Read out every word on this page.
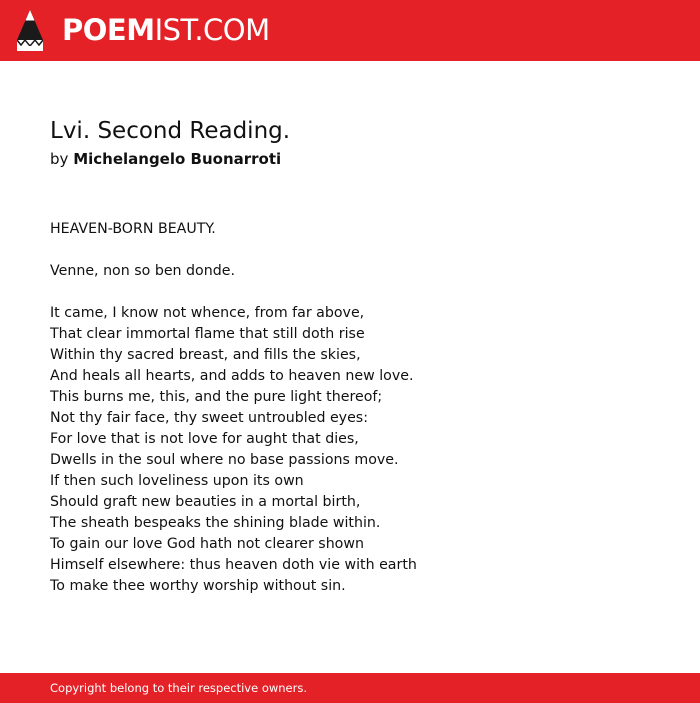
POEMIST.COM
Lvi. Second Reading.
by Michelangelo Buonarroti

HEAVEN-BORN BEAUTY.

Venne, non so ben donde.

It came, I know not whence, from far above,
That clear immortal flame that still doth rise
Within thy sacred breast, and fills the skies,
And heals all hearts, and adds to heaven new love.
This burns me, this, and the pure light thereof;
Not thy fair face, thy sweet untroubled eyes:
For love that is not love for aught that dies,
Dwells in the soul where no base passions move.
If then such loveliness upon its own
Should graft new beauties in a mortal birth,
The sheath bespeaks the shining blade within.
To gain our love God hath not clearer shown
Himself elsewhere: thus heaven doth vie with earth
To make thee worthy worship without sin.

Copyright belong to their respective owners.
